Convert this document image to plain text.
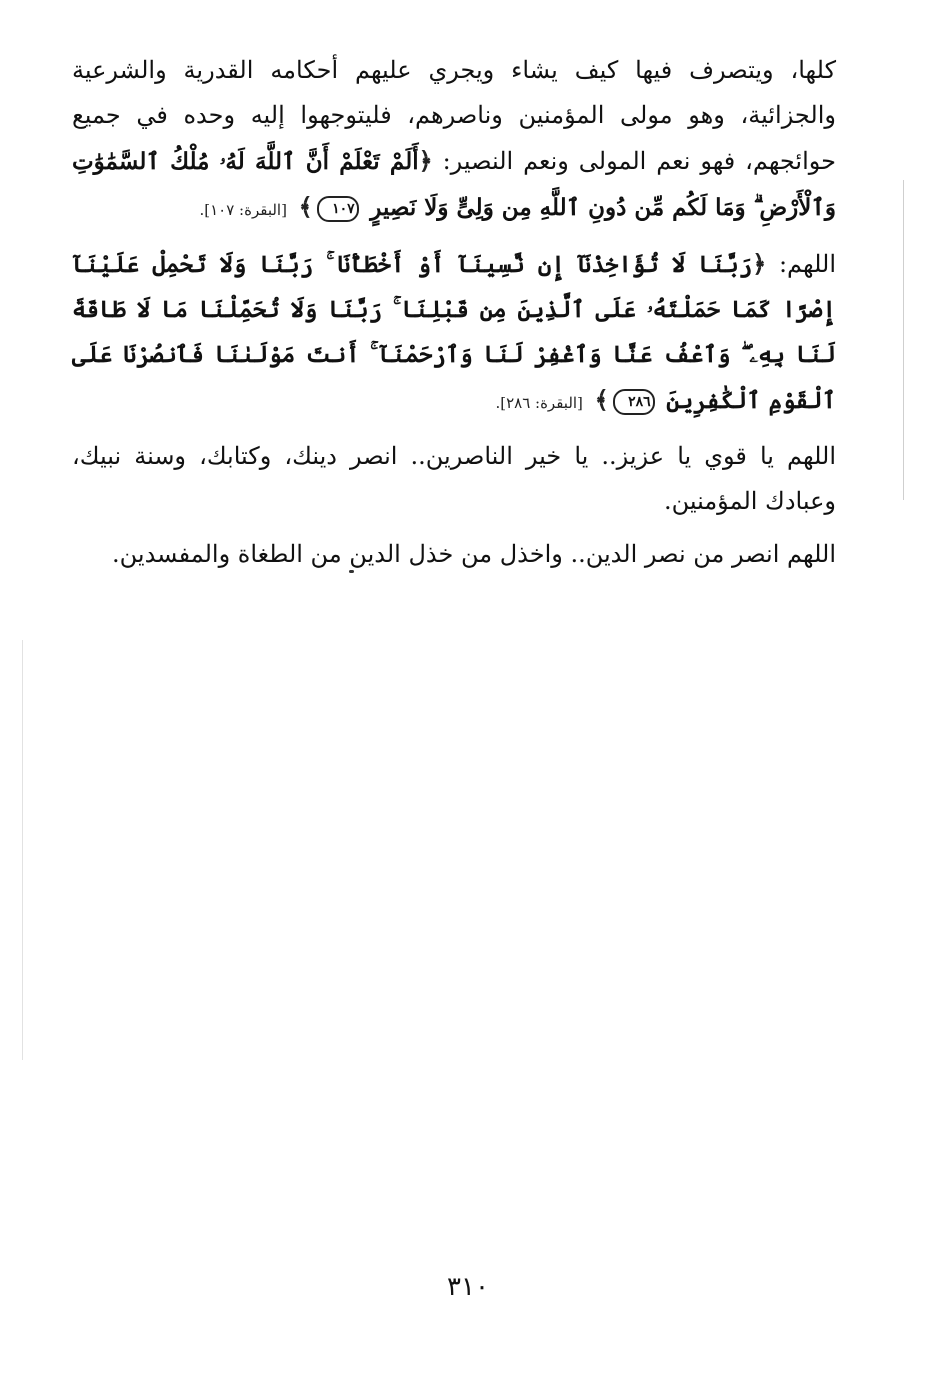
كلها، ويتصرف فيها كيف يشاء ويجري عليهم أحكامه القدرية والشرعية والجزائية، وهو مولى المؤمنين وناصرهم، فليتوجهوا إليه وحده في جميع حوائجهم، فهو نعم المولى ونعم النصير: ﴿أَلَمْ تَعْلَمْ أَنَّ ٱللَّهَ لَهُۥ مُلْكُ ٱلسَّمَٰوَٰتِ وَٱلْأَرْضِ ۗ وَمَا لَكُم مِّن دُونِ ٱللَّهِ مِن وَلِىٍّ وَلَا نَصِيرٍ ١٠٧﴾ [البقرة: ١٠٧].

اللهم: ﴿رَبَّنَا لَا تُؤَاخِذْنَآ إِن نَّسِينَآ أَوْ أَخْطَأْنَا ۚ رَبَّنَا وَلَا تَحْمِلْ عَلَيْنَآ إِصْرًا كَمَا حَمَلْتَهُۥ عَلَى ٱلَّذِينَ مِن قَبْلِنَا ۚ رَبَّنَا وَلَا تُحَمِّلْنَا مَا لَا طَاقَةَ لَنَا بِهِۦ ۖ وَٱعْفُ عَنَّا وَٱغْفِرْ لَنَا وَٱرْحَمْنَآ ۚ أَنتَ مَوْلَىٰنَا فَٱنصُرْنَا عَلَى ٱلْقَوْمِ ٱلْكَٰفِرِينَ ٢٨٦﴾ [البقرة: ٢٨٦].

اللهم يا قوي يا عزيز.. يا خير الناصرين.. انصر دينك، وكتابك، وسنة نبيك، وعبادك المؤمنين.

اللهم انصر من نصر الدين.. واخذل من خذل الدين من الطغاة والمفسدين.

٣١٠
